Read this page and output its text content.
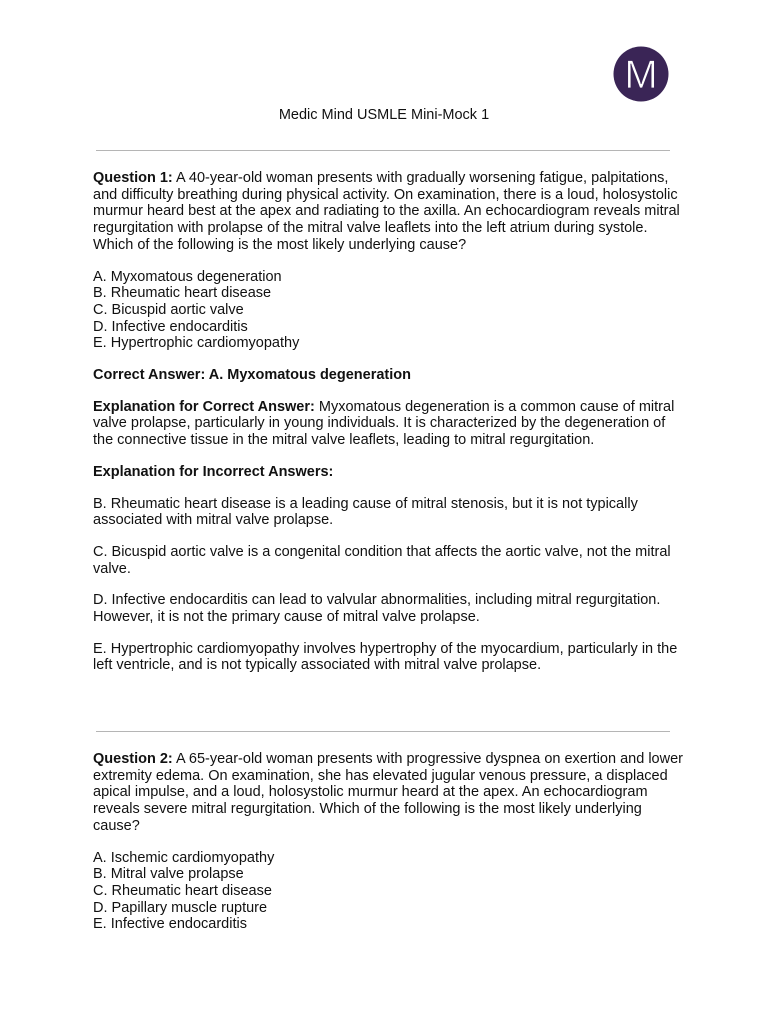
M
Medic Mind USMLE Mini-Mock 1

Question 1: A 40-year-old woman presents with gradually worsening fatigue, palpitations, and difficulty breathing during physical activity. On examination, there is a loud, holosystolic murmur heard best at the apex and radiating to the axilla. An echocardiogram reveals mitral regurgitation with prolapse of the mitral valve leaflets into the left atrium during systole. Which of the following is the most likely underlying cause?

A. Myxomatous degeneration

B. Rheumatic heart disease

C. Bicuspid aortic valve

D. Infective endocarditis

E. Hypertrophic cardiomyopathy

Correct Answer: A. Myxomatous degeneration

Explanation for Correct Answer: Myxomatous degeneration is a common cause of mitral valve prolapse, particularly in young individuals. It is characterized by the degeneration of the connective tissue in the mitral valve leaflets, leading to mitral regurgitation.

Explanation for Incorrect Answers:

B. Rheumatic heart disease is a leading cause of mitral stenosis, but it is not typically associated with mitral valve prolapse.

C. Bicuspid aortic valve is a congenital condition that affects the aortic valve, not the mitral valve.

D. Infective endocarditis can lead to valvular abnormalities, including mitral regurgitation. However, it is not the primary cause of mitral valve prolapse.

E. Hypertrophic cardiomyopathy involves hypertrophy of the myocardium, particularly in the left ventricle, and is not typically associated with mitral valve prolapse.

Question 2: A 65-year-old woman presents with progressive dyspnea on exertion and lower extremity edema. On examination, she has elevated jugular venous pressure, a displaced apical impulse, and a loud, holosystolic murmur heard at the apex. An echocardiogram reveals severe mitral regurgitation. Which of the following is the most likely underlying cause?

A. Ischemic cardiomyopathy

B. Mitral valve prolapse

C. Rheumatic heart disease

D. Papillary muscle rupture

E. Infective endocarditis
